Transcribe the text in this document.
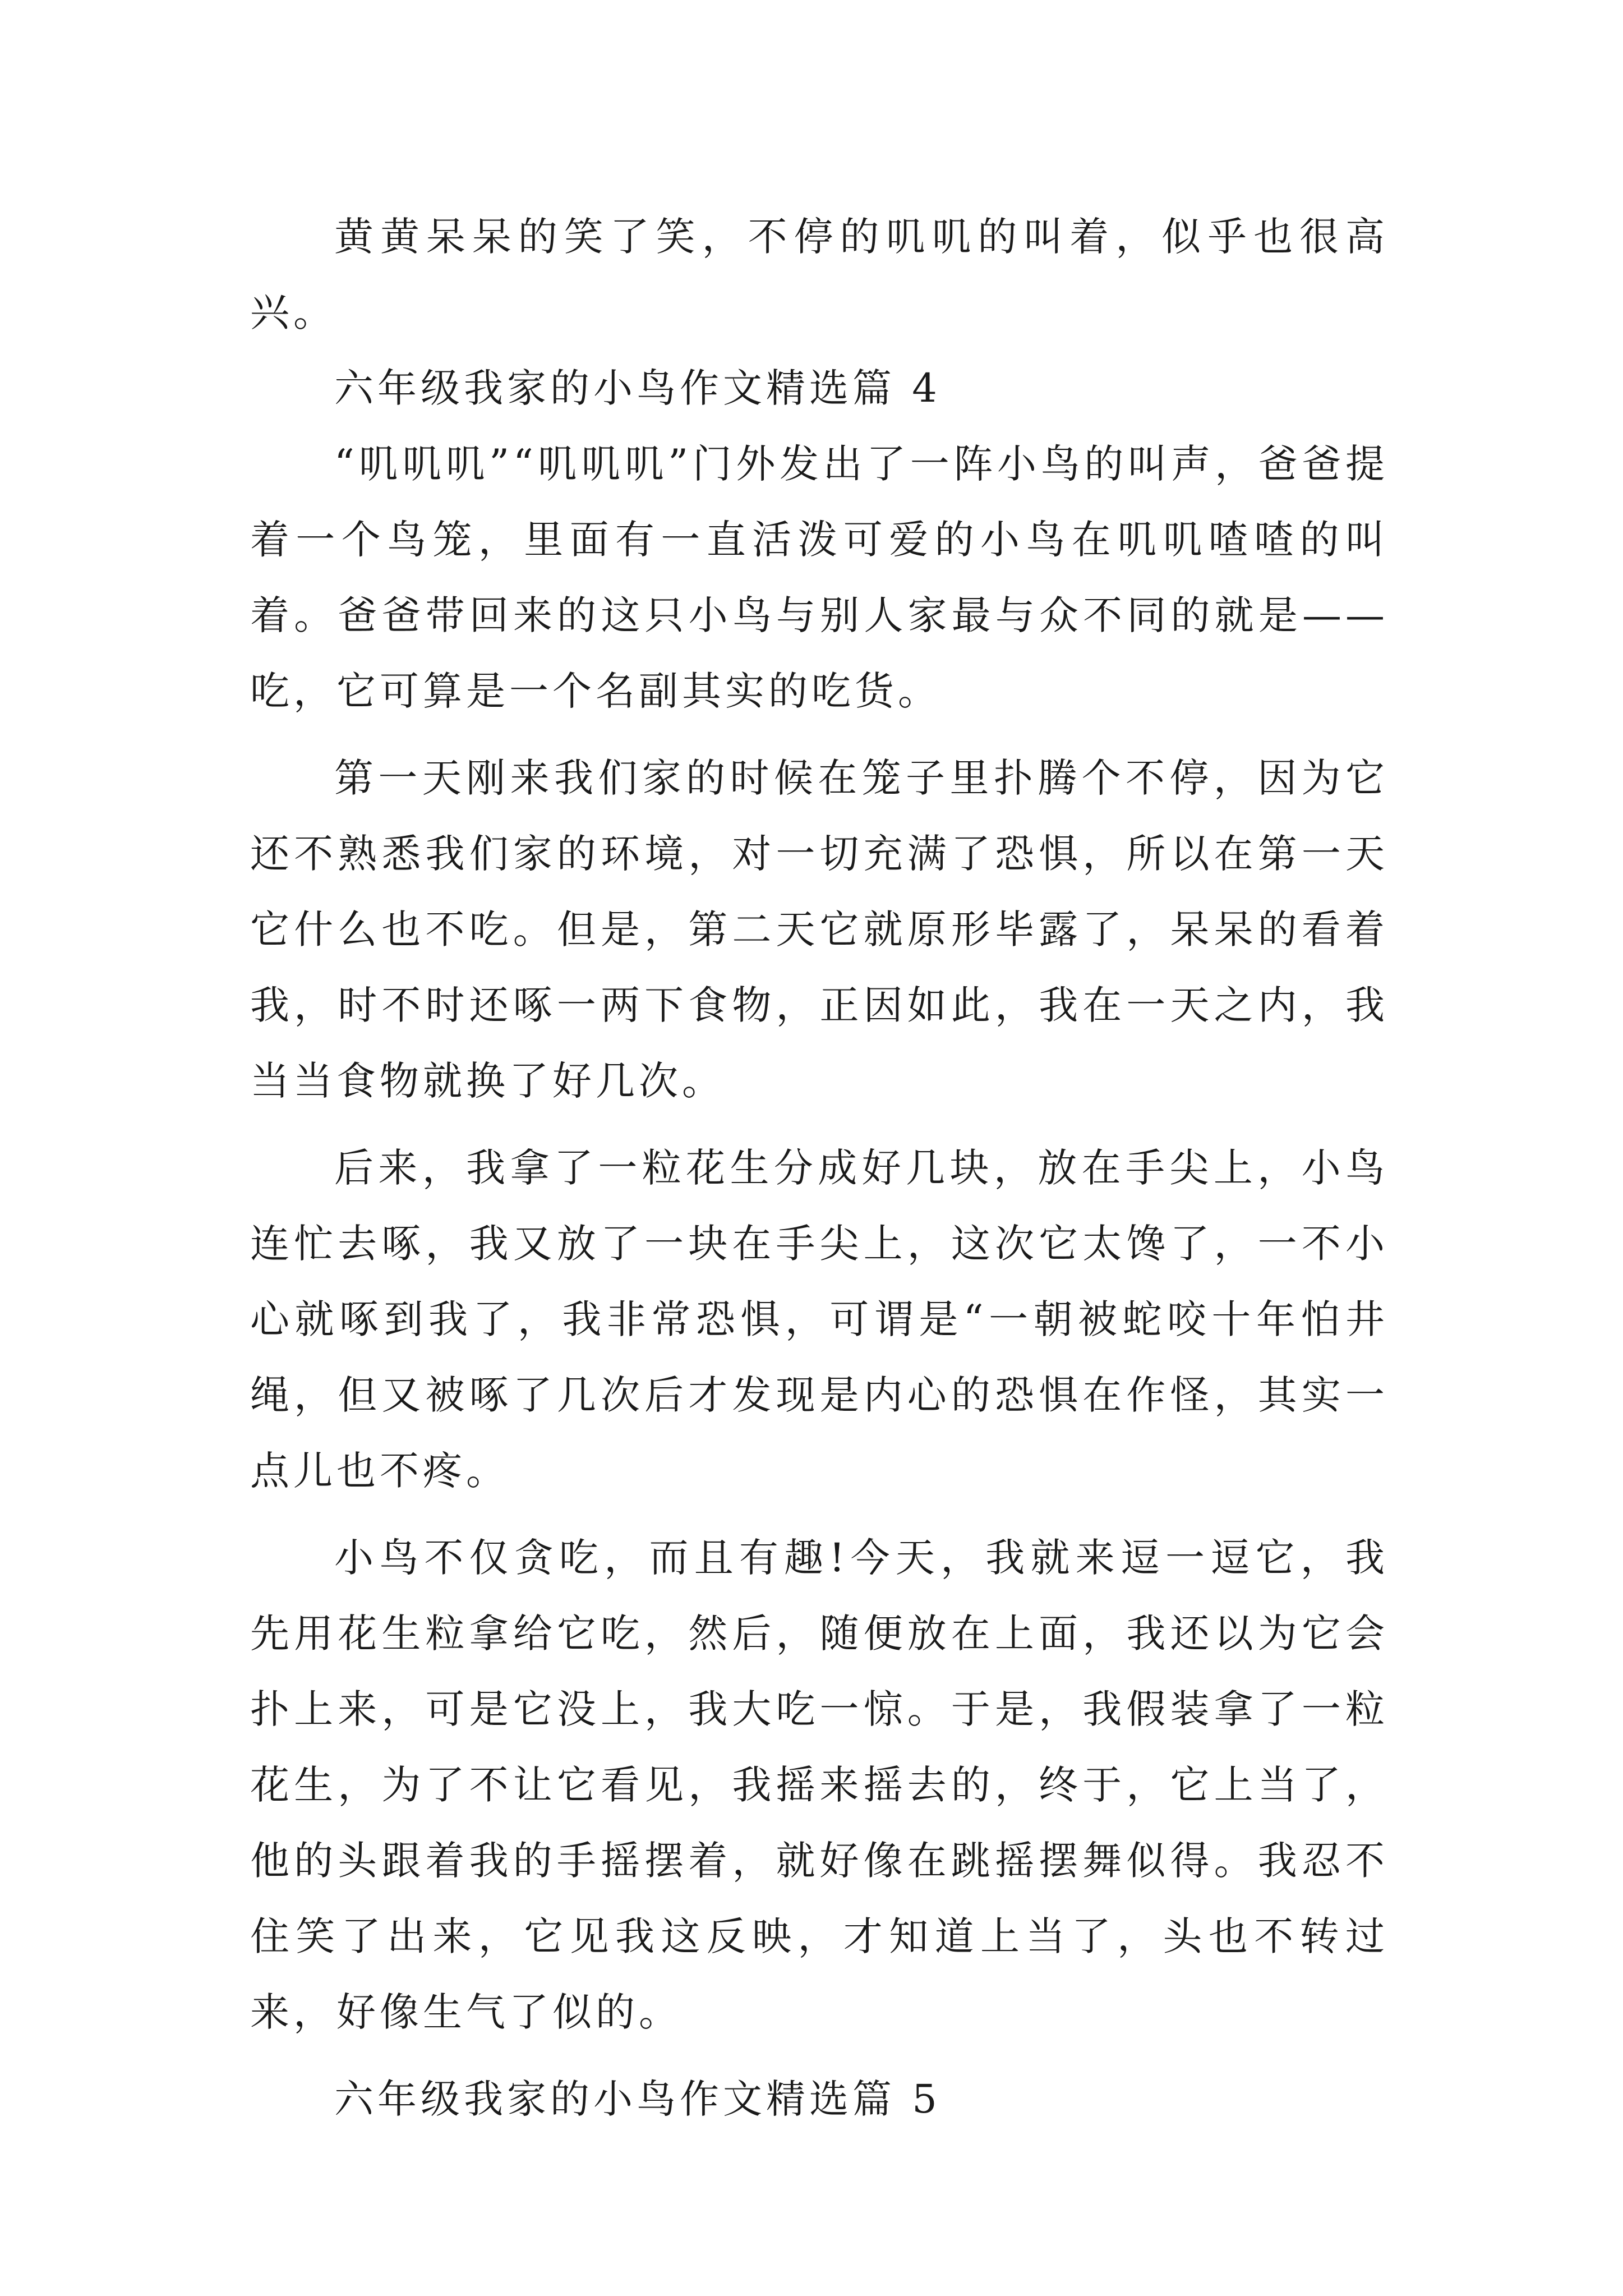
黄黄呆呆的笑了笑，不停的叽叽的叫着，似乎也很高兴。

六年级我家的小鸟作文精选篇 4

“叽叽叽”“叽叽叽”门外发出了一阵小鸟的叫声，爸爸提着一个鸟笼，里面有一直活泼可爱的小鸟在叽叽喳喳的叫着。爸爸带回来的这只小鸟与别人家最与众不同的就是——吃，它可算是一个名副其实的吃货。

第一天刚来我们家的时候在笼子里扑腾个不停，因为它还不熟悉我们家的环境，对一切充满了恐惧，所以在第一天它什么也不吃。但是，第二天它就原形毕露了，呆呆的看着我，时不时还啄一两下食物，正因如此，我在一天之内，我当当食物就换了好几次。

后来，我拿了一粒花生分成好几块，放在手尖上，小鸟连忙去啄，我又放了一块在手尖上，这次它太馋了，一不小心就啄到我了，我非常恐惧，可谓是“一朝被蛇咬十年怕井绳，但又被啄了几次后才发现是内心的恐惧在作怪，其实一点儿也不疼。

小鸟不仅贪吃，而且有趣!今天，我就来逗一逗它，我先用花生粒拿给它吃，然后，随便放在上面，我还以为它会扑上来，可是它没上，我大吃一惊。于是，我假装拿了一粒花生，为了不让它看见，我摇来摇去的，终于，它上当了，他的头跟着我的手摇摆着，就好像在跳摇摆舞似得。我忍不住笑了出来，它见我这反映，才知道上当了，头也不转过来，好像生气了似的。

六年级我家的小鸟作文精选篇 5
